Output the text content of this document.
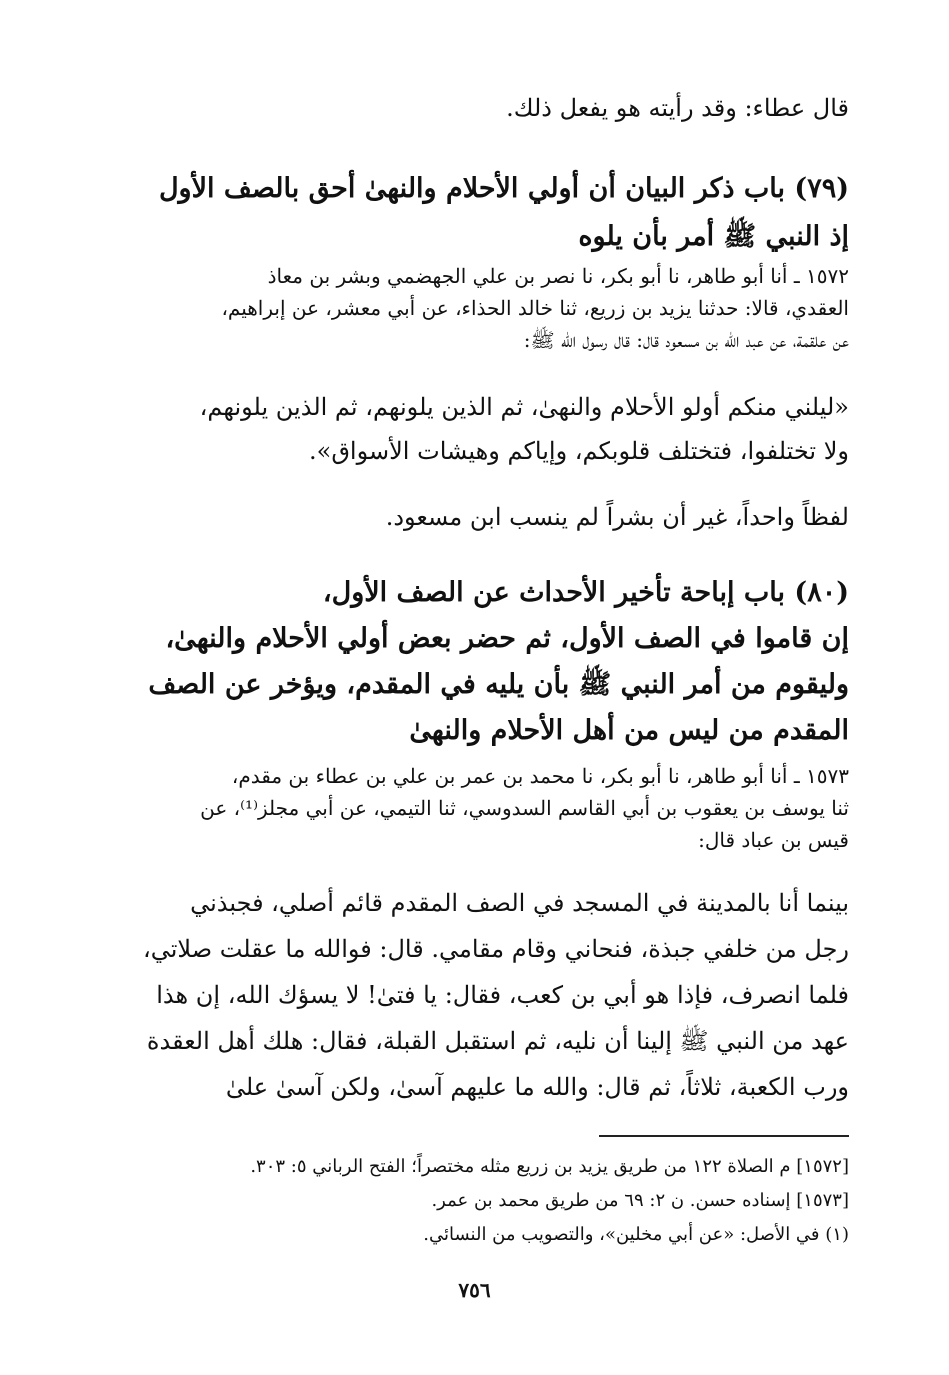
قال عطاء: وقد رأيته هو يفعل ذلك.
(٧٩) باب ذكر البيان أن أولي الأحلام والنهىٰ أحق بالصف الأول
إذ النبي ﷺ أمر بأن يلوه
١٥٧٢ ـ أنا أبو طاهر، نا أبو بكر، نا نصر بن علي الجهضمي وبشر بن معاذ
العقدي، قالا: حدثنا يزيد بن زريع، ثنا خالد الحذاء، عن أبي معشر، عن إبراهيم،
عن علقمة، عن عبد الله بن مسعود قال: قال رسول الله ﷺ:
«ليلني منكم أولو الأحلام والنهىٰ، ثم الذين يلونهم، ثم الذين يلونهم،
ولا تختلفوا، فتختلف قلوبكم، وإياكم وهيشات الأسواق».
لفظاً واحداً، غير أن بشراً لم ينسب ابن مسعود.
(٨٠) باب إباحة تأخير الأحداث عن الصف الأول،
إن قاموا في الصف الأول، ثم حضر بعض أولي الأحلام والنهىٰ،
وليقوم من أمر النبي ﷺ بأن يليه في المقدم، ويؤخر عن الصف
المقدم من ليس من أهل الأحلام والنهىٰ
١٥٧٣ ـ أنا أبو طاهر، نا أبو بكر، نا محمد بن عمر بن علي بن عطاء بن مقدم،
ثنا يوسف بن يعقوب بن أبي القاسم السدوسي، ثنا التيمي، عن أبي مجلز⁽¹⁾، عن
قيس بن عباد قال:
بينما أنا بالمدينة في المسجد في الصف المقدم قائم أصلي، فجبذني
رجل من خلفي جبذة، فنحاني وقام مقامي. قال: فوالله ما عقلت صلاتي،
فلما انصرف، فإذا هو أبي بن كعب، فقال: يا فتىٰ! لا يسؤك الله، إن هذا
عهد من النبي ﷺ إلينا أن نليه، ثم استقبل القبلة، فقال: هلك أهل العقدة
ورب الكعبة، ثلاثاً، ثم قال: والله ما عليهم آسىٰ، ولكن آسىٰ علىٰ
[١٥٧٢] م الصلاة ١٢٢ من طريق يزيد بن زريع مثله مختصراً؛ الفتح الرباني ٥: ٣٠٣.
[١٥٧٣] إسناده حسن. ن ٢: ٦٩ من طريق محمد بن عمر.
(١) في الأصل: «عن أبي مخلين»، والتصويب من النسائي.
٧٥٦
